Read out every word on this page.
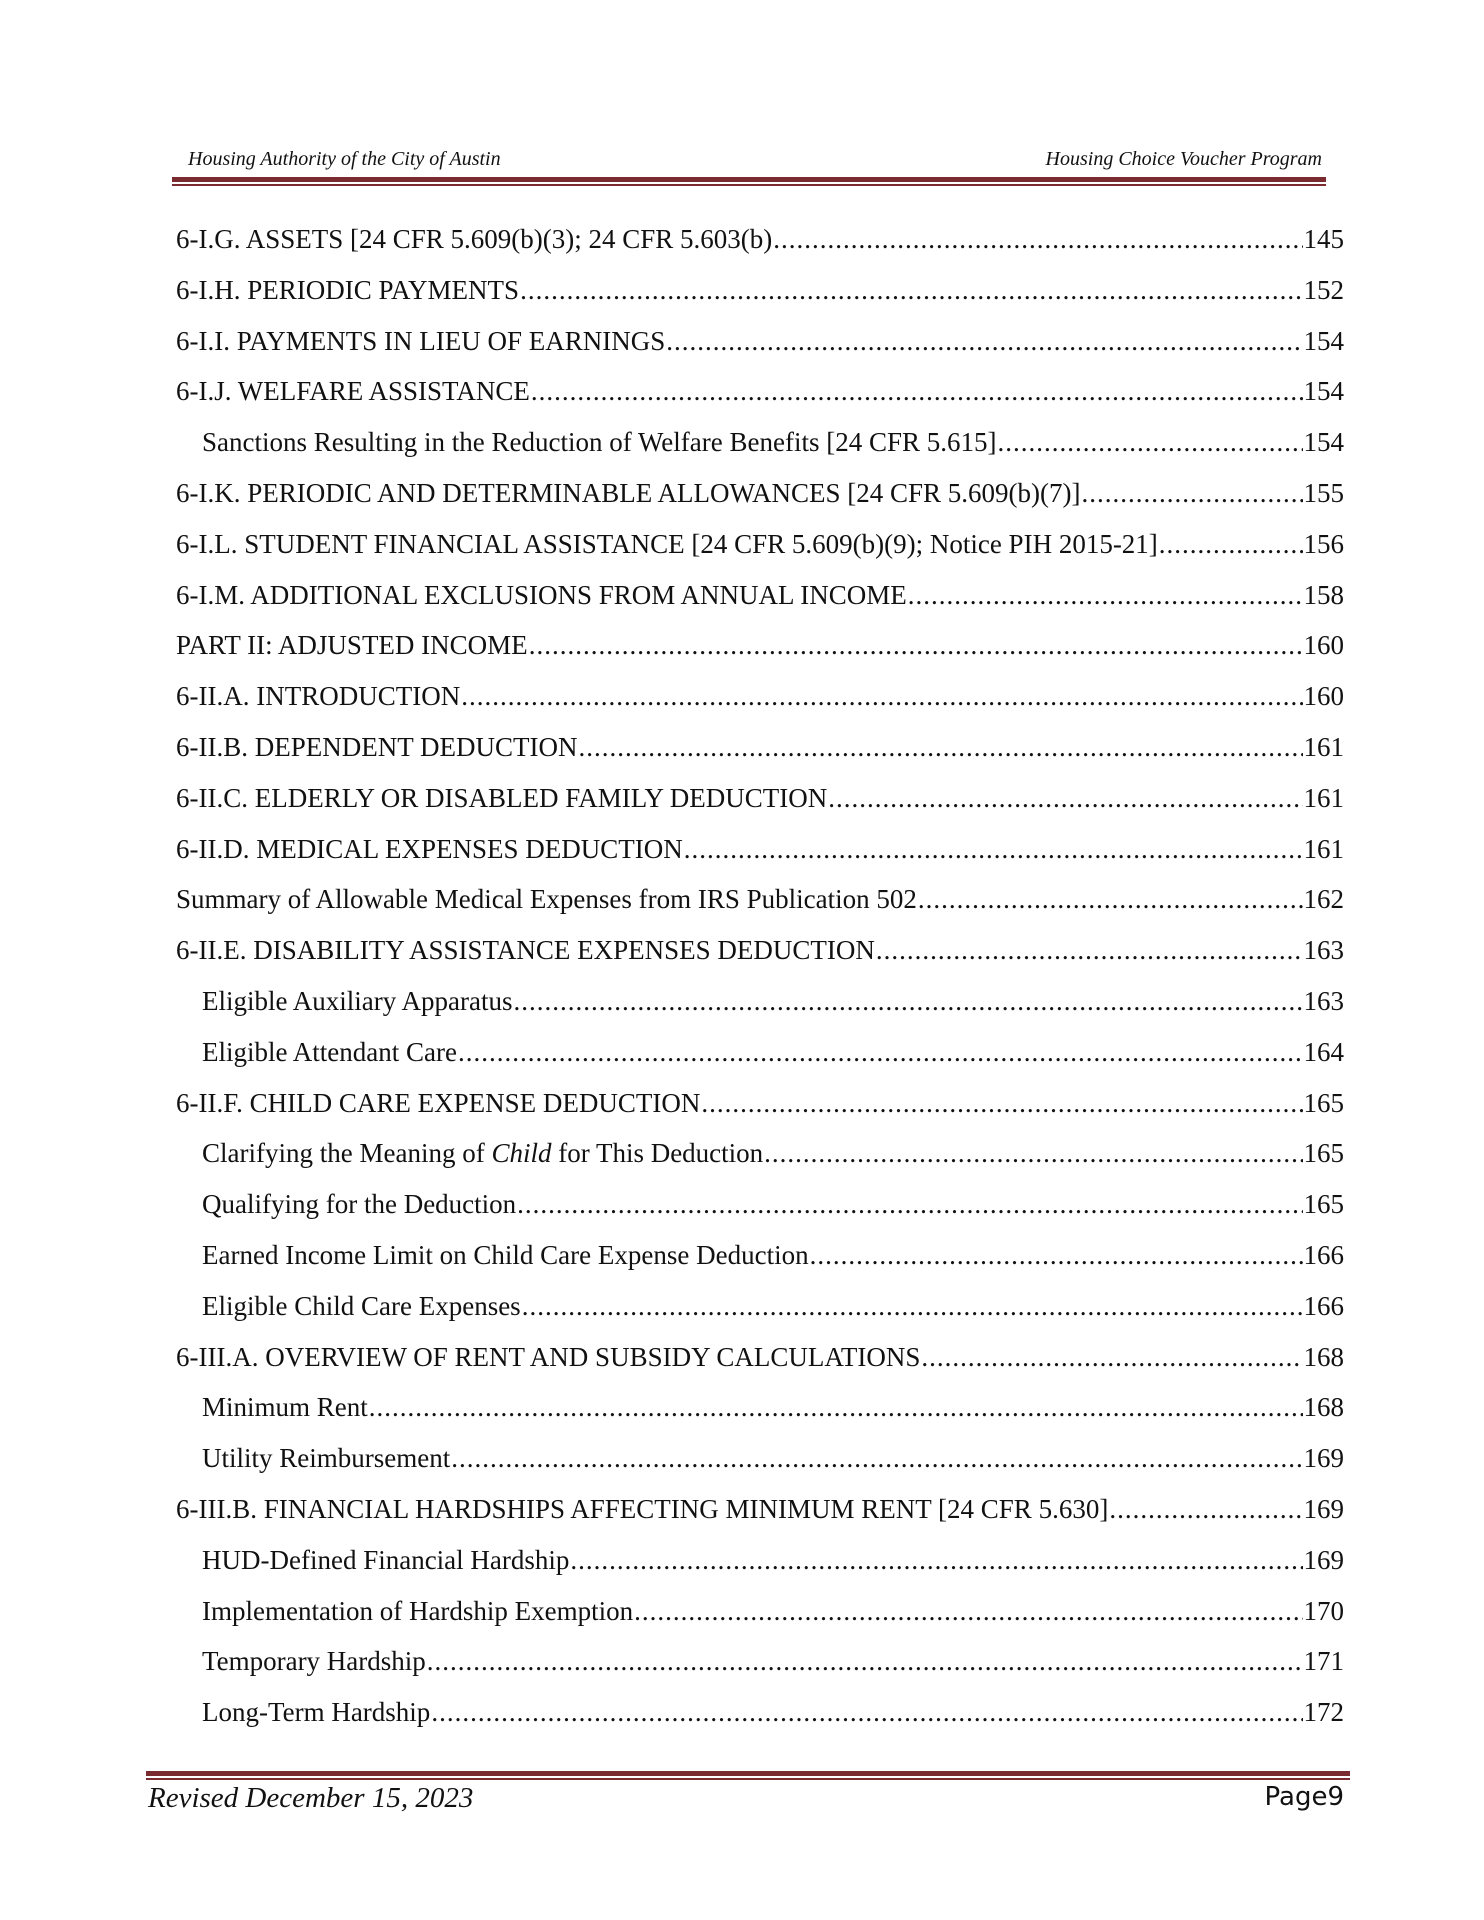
Housing Authority of the City of Austin	Housing Choice Voucher Program
6-I.G. ASSETS [24 CFR 5.609(b)(3); 24 CFR 5.603(b) .....	145
6-I.H. PERIODIC PAYMENTS .....	152
6-I.I. PAYMENTS IN LIEU OF EARNINGS .....	154
6-I.J. WELFARE ASSISTANCE .....	154
Sanctions Resulting in the Reduction of Welfare Benefits [24 CFR 5.615] .....	154
6-I.K. PERIODIC AND DETERMINABLE ALLOWANCES [24 CFR 5.609(b)(7)] .....	155
6-I.L. STUDENT FINANCIAL ASSISTANCE [24 CFR 5.609(b)(9); Notice PIH 2015-21] .....	156
6-I.M. ADDITIONAL EXCLUSIONS FROM ANNUAL INCOME .....	158
PART II: ADJUSTED INCOME .....	160
6-II.A. INTRODUCTION .....	160
6-II.B. DEPENDENT DEDUCTION .....	161
6-II.C. ELDERLY OR DISABLED FAMILY DEDUCTION .....	161
6-II.D. MEDICAL EXPENSES DEDUCTION .....	161
Summary of Allowable Medical Expenses from IRS Publication 502 .....	162
6-II.E. DISABILITY ASSISTANCE EXPENSES DEDUCTION .....	163
Eligible Auxiliary Apparatus .....	163
Eligible Attendant Care .....	164
6-II.F. CHILD CARE EXPENSE DEDUCTION .....	165
Clarifying the Meaning of Child for This Deduction .....	165
Qualifying for the Deduction .....	165
Earned Income Limit on Child Care Expense Deduction .....	166
Eligible Child Care Expenses .....	166
6-III.A. OVERVIEW OF RENT AND SUBSIDY CALCULATIONS .....	168
Minimum Rent .....	168
Utility Reimbursement .....	169
6-III.B. FINANCIAL HARDSHIPS AFFECTING MINIMUM RENT [24 CFR 5.630] .....	169
HUD-Defined Financial Hardship .....	169
Implementation of Hardship Exemption .....	170
Temporary Hardship .....	171
Long-Term Hardship .....	172
Revised December 15, 2023	Page9
